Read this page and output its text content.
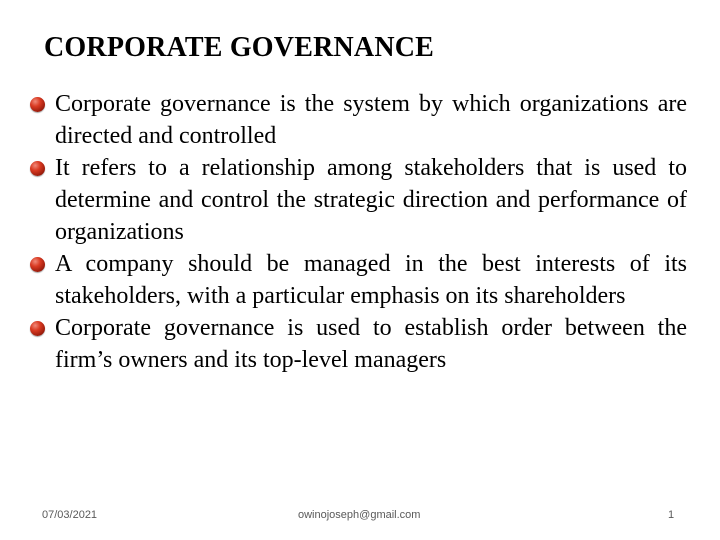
CORPORATE GOVERNANCE
Corporate governance is the system by which organizations are directed and controlled
It refers to a relationship among stakeholders that is used to determine and control the strategic direction and performance of organizations
A company should be managed in the best interests of its stakeholders, with a particular emphasis on its shareholders
Corporate governance is used to establish order between the firm’s owners and its top-level managers
07/03/2021	owinojoseph@gmail.com	1
